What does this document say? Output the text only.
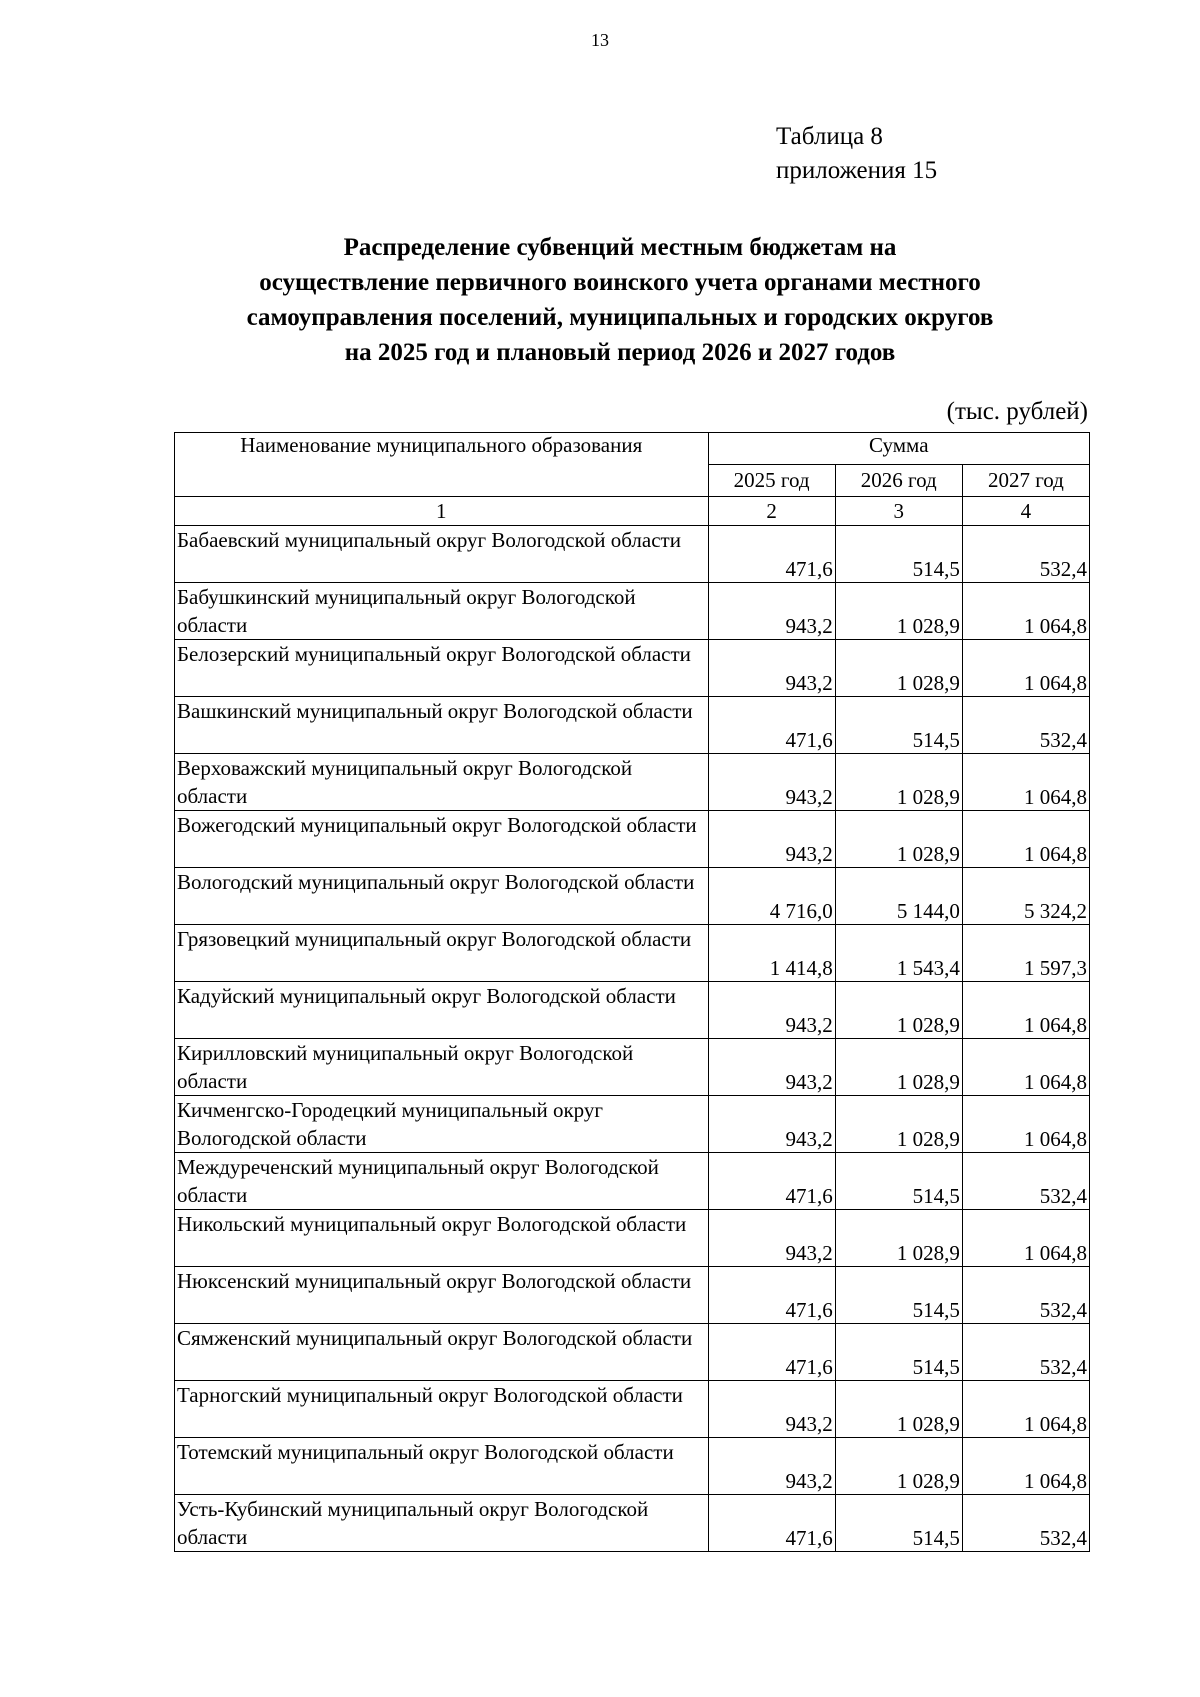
13
Таблица 8
приложения 15
Распределение субвенций местным бюджетам на
осуществление первичного воинского учета органами местного
самоуправления поселений, муниципальных и городских округов
на 2025 год и плановый период 2026 и 2027 годов
(тыс. рублей)
Наименование муниципального образования	Сумма		
	2025 год	2026 год	2027 год
1	2	3	4
Бабаевский муниципальный округ Вологодской области	471,6	514,5	532,4
Бабушкинский муниципальный округ Вологодской области	943,2	1 028,9	1 064,8
Белозерский муниципальный округ Вологодской области	943,2	1 028,9	1 064,8
Вашкинский муниципальный округ Вологодской области	471,6	514,5	532,4
Верховажский муниципальный округ Вологодской области	943,2	1 028,9	1 064,8
Вожегодский муниципальный округ Вологодской области	943,2	1 028,9	1 064,8
Вологодский муниципальный округ Вологодской области	4 716,0	5 144,0	5 324,2
Грязовецкий муниципальный округ Вологодской области	1 414,8	1 543,4	1 597,3
Кадуйский муниципальный округ Вологодской области	943,2	1 028,9	1 064,8
Кирилловский муниципальный округ Вологодской области	943,2	1 028,9	1 064,8
Кичменгско-Городецкий муниципальный округ Вологодской области	943,2	1 028,9	1 064,8
Междуреченский муниципальный округ Вологодской области	471,6	514,5	532,4
Никольский муниципальный округ Вологодской области	943,2	1 028,9	1 064,8
Нюксенский муниципальный округ Вологодской области	471,6	514,5	532,4
Сямженский муниципальный округ Вологодской области	471,6	514,5	532,4
Тарногский муниципальный округ Вологодской области	943,2	1 028,9	1 064,8
Тотемский муниципальный округ Вологодской области	943,2	1 028,9	1 064,8
Усть-Кубинский муниципальный округ Вологодской области	471,6	514,5	532,4
